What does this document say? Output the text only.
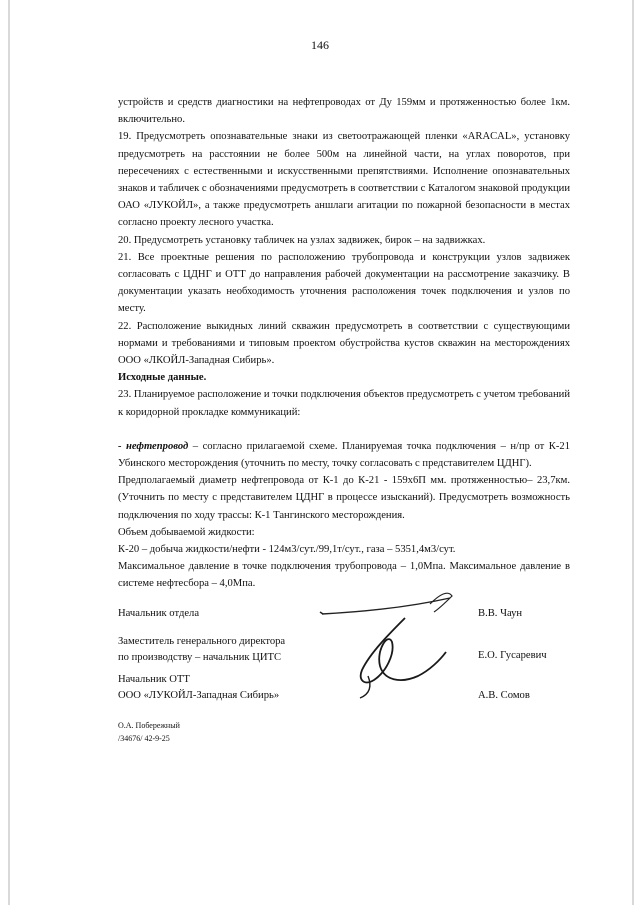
146

устройств и средств диагностики на нефтепроводах от Ду 159мм и протяженностью более 1км. включительно.

19. Предусмотреть опознавательные знаки из светоотражающей пленки «ARACAL», установку предусмотреть на расстоянии не более 500м на линейной части, на углах поворотов, при пересечениях с естественными и искусственными препятствиями. Исполнение опознавательных знаков и табличек с обозначениями предусмотреть в соответствии с Каталогом знаковой продукции ОАО «ЛУКОЙЛ», а также предусмотреть аншлаги агитации по пожарной безопасности в местах согласно проекту лесного участка.

20. Предусмотреть установку табличек на узлах задвижек, бирок – на задвижках.

21. Все проектные решения по расположению трубопровода и конструкции узлов задвижек согласовать с ЦДНГ и ОТТ до направления рабочей документации на рассмотрение заказчику. В документации указать необходимость уточнения расположения точек подключения и узлов по месту.

22. Расположение выкидных линий скважин предусмотреть в соответствии с существующими нормами и требованиями и типовым проектом обустройства кустов скважин на месторождениях ООО «ЛКОЙЛ-Западная Сибирь».

Исходные данные.

23. Планируемое расположение и точки подключения объектов предусмотреть с учетом требований к коридорной прокладке коммуникаций:

- нефтепровод – согласно прилагаемой схеме. Планируемая точка подключения – н/пр от К-21 Убинского месторождения (уточнить по месту, точку согласовать с представителем ЦДНГ).

Предполагаемый диаметр нефтепровода от К-1 до К-21 - 159х6П мм. протяженностью– 23,7км. (Уточнить по месту с представителем ЦДНГ в процессе изысканий). Предусмотреть возможность подключения по ходу трассы: К-1 Тангинского месторождения.

Объем добываемой жидкости:

К-20 – добыча жидкости/нефти - 124м3/сут./99,1т/сут., газа – 5351,4м3/сут.

Максимальное давление в точке подключения трубопровода – 1,0Мпа. Максимальное давление в системе нефтесбора – 4,0Мпа.

Начальник отдела	В.В. Чаун
Заместитель генерального директора
по производству – начальник ЦИТС	Е.О. Гусаревич
Начальник ОТТ
ООО «ЛУКОЙЛ-Западная Сибирь»	А.В. Сомов
О.А. Побережный
/34676/ 42-9-25
